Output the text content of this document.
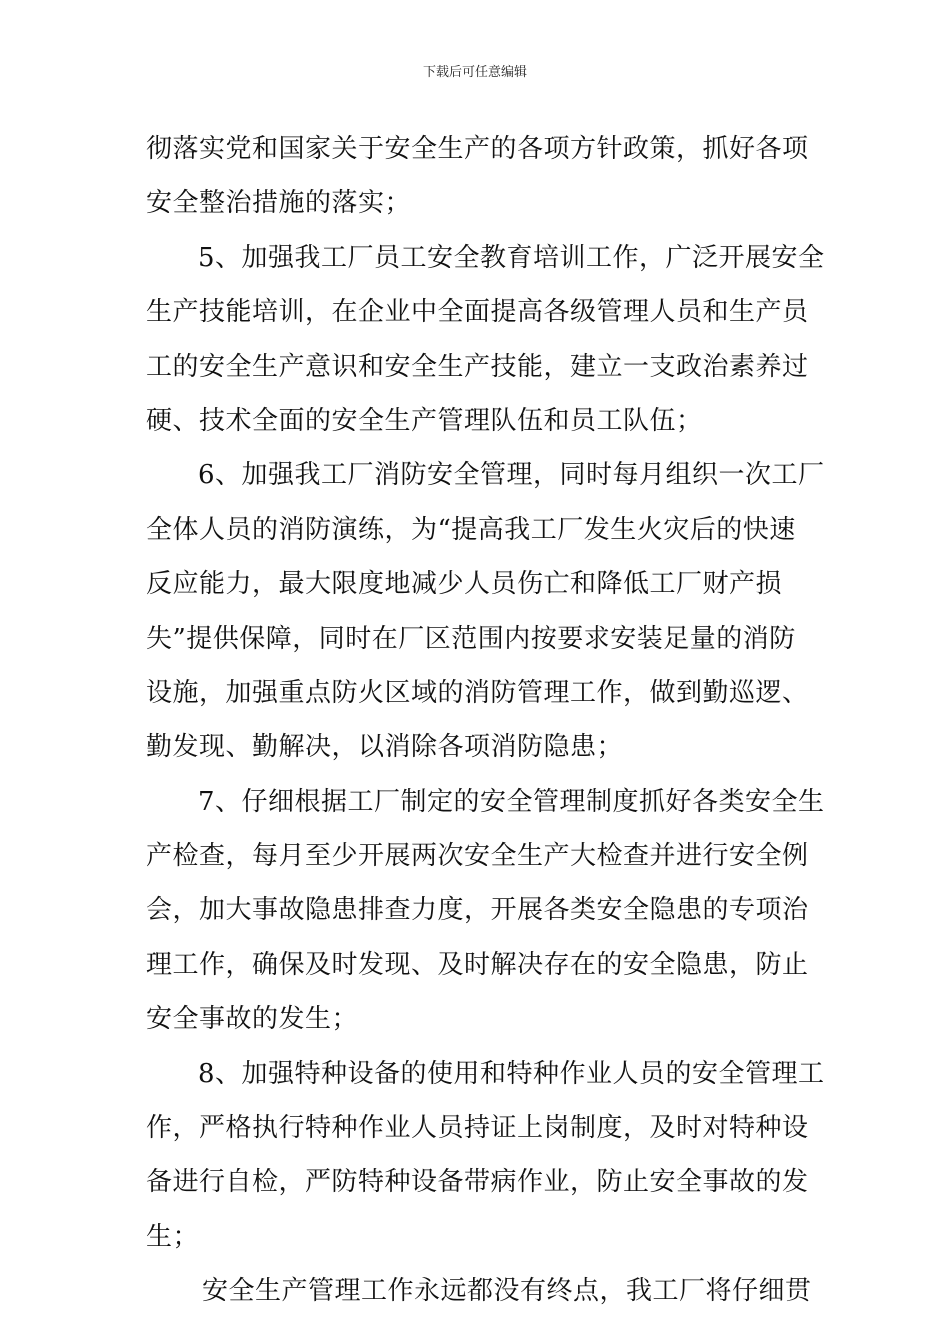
下载后可任意编辑
彻落实党和国家关于安全生产的各项方针政策，抓好各项
安全整治措施的落实；
5、加强我工厂员工安全教育培训工作，广泛开展安全
生产技能培训，在企业中全面提高各级管理人员和生产员
工的安全生产意识和安全生产技能，建立一支政治素养过
硬、技术全面的安全生产管理队伍和员工队伍；
6、加强我工厂消防安全管理，同时每月组织一次工厂
全体人员的消防演练，为“提高我工厂发生火灾后的快速
反应能力，最大限度地减少人员伤亡和降低工厂财产损
失”提供保障，同时在厂区范围内按要求安装足量的消防
设施，加强重点防火区域的消防管理工作，做到勤巡逻、
勤发现、勤解决，以消除各项消防隐患；
7、仔细根据工厂制定的安全管理制度抓好各类安全生
产检查，每月至少开展两次安全生产大检查并进行安全例
会，加大事故隐患排查力度，开展各类安全隐患的专项治
理工作，确保及时发现、及时解决存在的安全隐患，防止
安全事故的发生；
8、加强特种设备的使用和特种作业人员的安全管理工
作，严格执行特种作业人员持证上岗制度，及时对特种设
备进行自检，严防特种设备带病作业，防止安全事故的发
生；
安全生产管理工作永远都没有终点，我工厂将仔细贯
